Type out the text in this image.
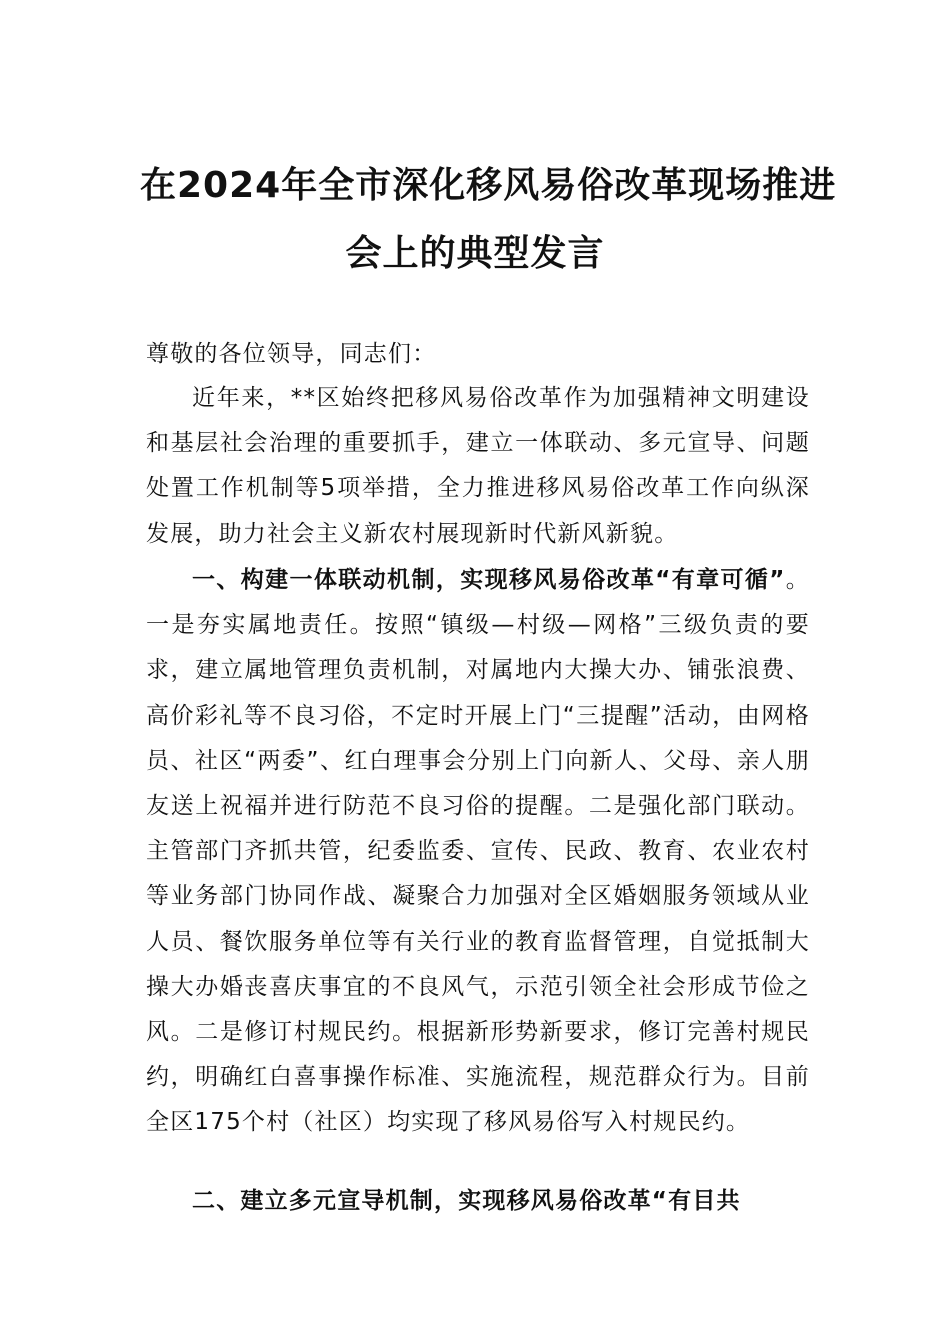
在2024年全市深化移风易俗改革现场推进
会上的典型发言

尊敬的各位领导，同志们：

近年来，**区始终把移风易俗改革作为加强精神文明建设和基层社会治理的重要抓手，建立一体联动、多元宣导、问题处置工作机制等5项举措，全力推进移风易俗改革工作向纵深发展，助力社会主义新农村展现新时代新风新貌。

一、构建一体联动机制，实现移风易俗改革“有章可循”。一是夯实属地责任。按照“镇级—村级—网格”三级负责的要求，建立属地管理负责机制，对属地内大操大办、铺张浪费、高价彩礼等不良习俗，不定时开展上门“三提醒”活动，由网格员、社区“两委”、红白理事会分别上门向新人、父母、亲人朋友送上祝福并进行防范不良习俗的提醒。二是强化部门联动。主管部门齐抓共管，纪委监委、宣传、民政、教育、农业农村等业务部门协同作战、凝聚合力加强对全区婚姻服务领域从业人员、餐饮服务单位等有关行业的教育监督管理，自觉抵制大操大办婚丧喜庆事宜的不良风气，示范引领全社会形成节俭之风。二是修订村规民约。根据新形势新要求，修订完善村规民约，明确红白喜事操作标准、实施流程，规范群众行为。目前全区175个村（社区）均实现了移风易俗写入村规民约。

二、建立多元宣导机制，实现移风易俗改革“有目共
